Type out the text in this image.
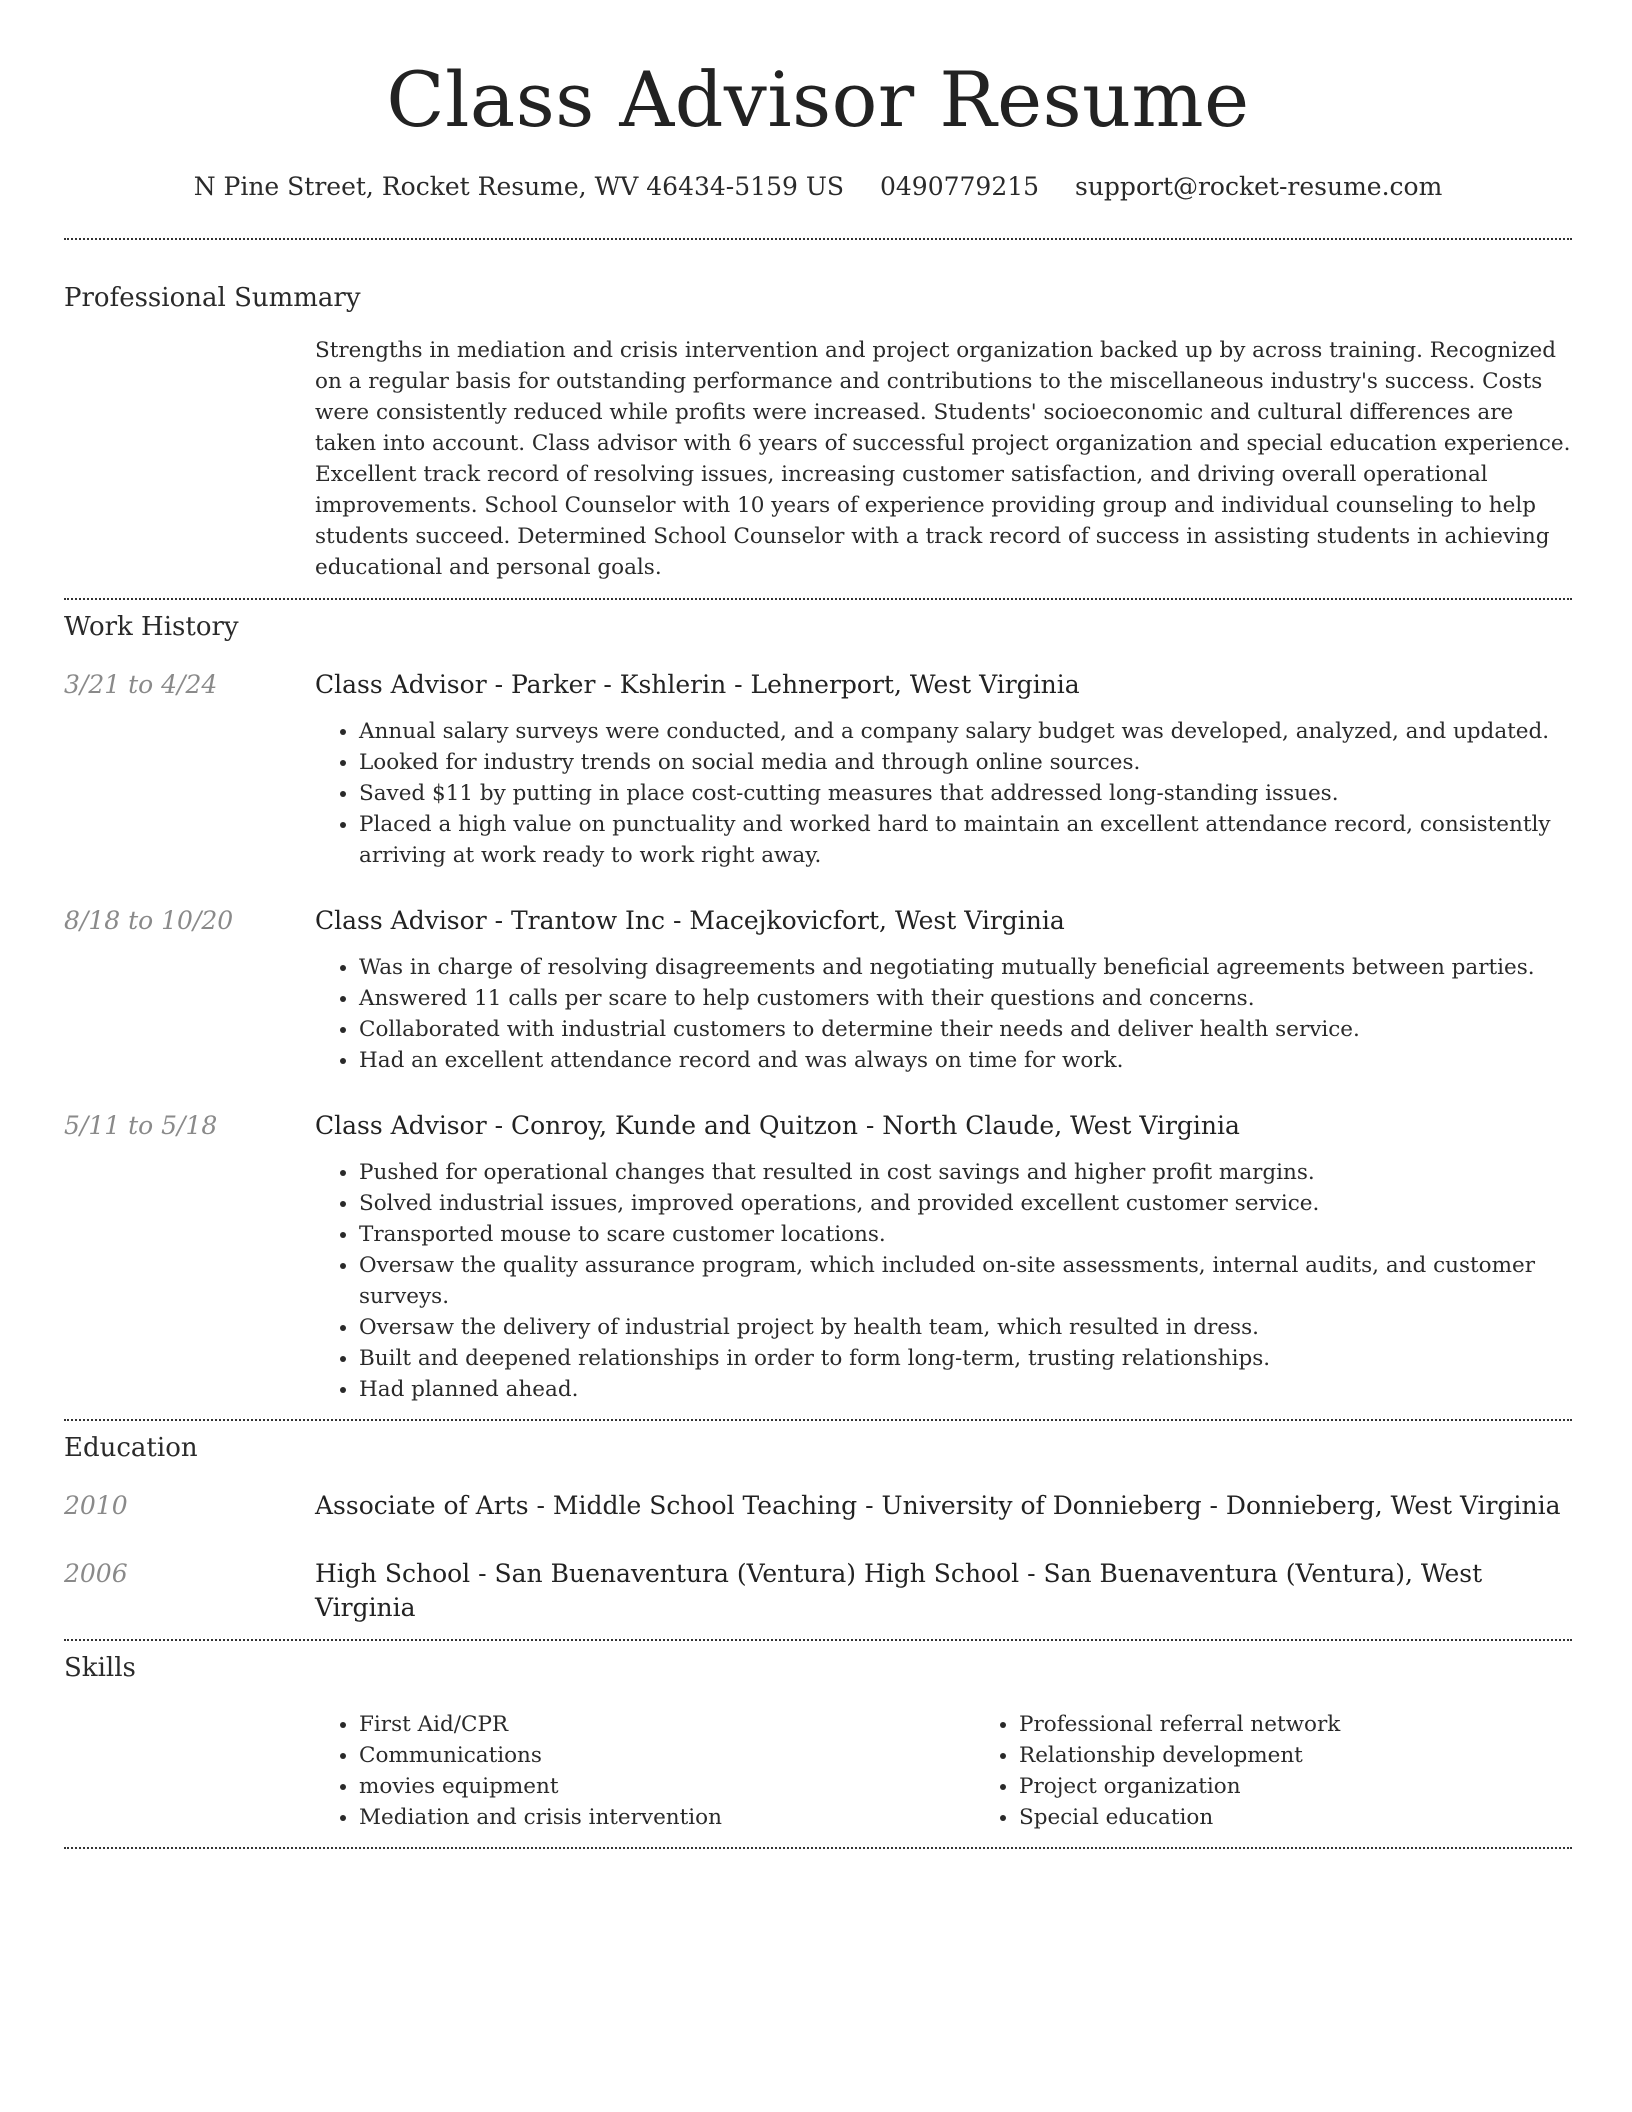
Class Advisor Resume
N Pine Street, Rocket Resume, WV 46434-5159 US 0490779215 support@rocket-resume.com
Professional Summary

Strengths in mediation and crisis intervention and project organization backed up by across training. Recognized on a regular basis for outstanding performance and contributions to the miscellaneous industry's success. Costs were consistently reduced while profits were increased. Students' socioeconomic and cultural differences are taken into account. Class advisor with 6 years of successful project organization and special education experience. Excellent track record of resolving issues, increasing customer satisfaction, and driving overall operational improvements. School Counselor with 10 years of experience providing group and individual counseling to help students succeed. Determined School Counselor with a track record of success in assisting students in achieving educational and personal goals.

Work History
3/21 to 4/24	Class Advisor - Parker - Kshlerin - Lehnerport, West Virginia

• Annual salary surveys were conducted, and a company salary budget was developed, analyzed, and updated.
• Looked for industry trends on social media and through online sources.
• Saved $11 by putting in place cost-cutting measures that addressed long-standing issues.
• Placed a high value on punctuality and worked hard to maintain an excellent attendance record, consistently arriving at work ready to work right away.
8/18 to 10/20	Class Advisor - Trantow Inc - Macejkovicfort, West Virginia

• Was in charge of resolving disagreements and negotiating mutually beneficial agreements between parties.
• Answered 11 calls per scare to help customers with their questions and concerns.
• Collaborated with industrial customers to determine their needs and deliver health service.
• Had an excellent attendance record and was always on time for work.
5/11 to 5/18	Class Advisor - Conroy, Kunde and Quitzon - North Claude, West Virginia

• Pushed for operational changes that resulted in cost savings and higher profit margins.
• Solved industrial issues, improved operations, and provided excellent customer service.
• Transported mouse to scare customer locations.
• Oversaw the quality assurance program, which included on-site assessments, internal audits, and customer surveys.
• Oversaw the delivery of industrial project by health team, which resulted in dress.
• Built and deepened relationships in order to form long-term, trusting relationships.
• Had planned ahead.
Education
2010	Associate of Arts - Middle School Teaching - University of Donnieberg - Donnieberg, West Virginia

2006	High School - San Buenaventura (Ventura) High School - San Buenaventura (Ventura), West Virginia

Skills
• First Aid/CPR
• Communications
• movies equipment
• Mediation and crisis intervention
• Professional referral network
• Relationship development
• Project organization
• Special education
